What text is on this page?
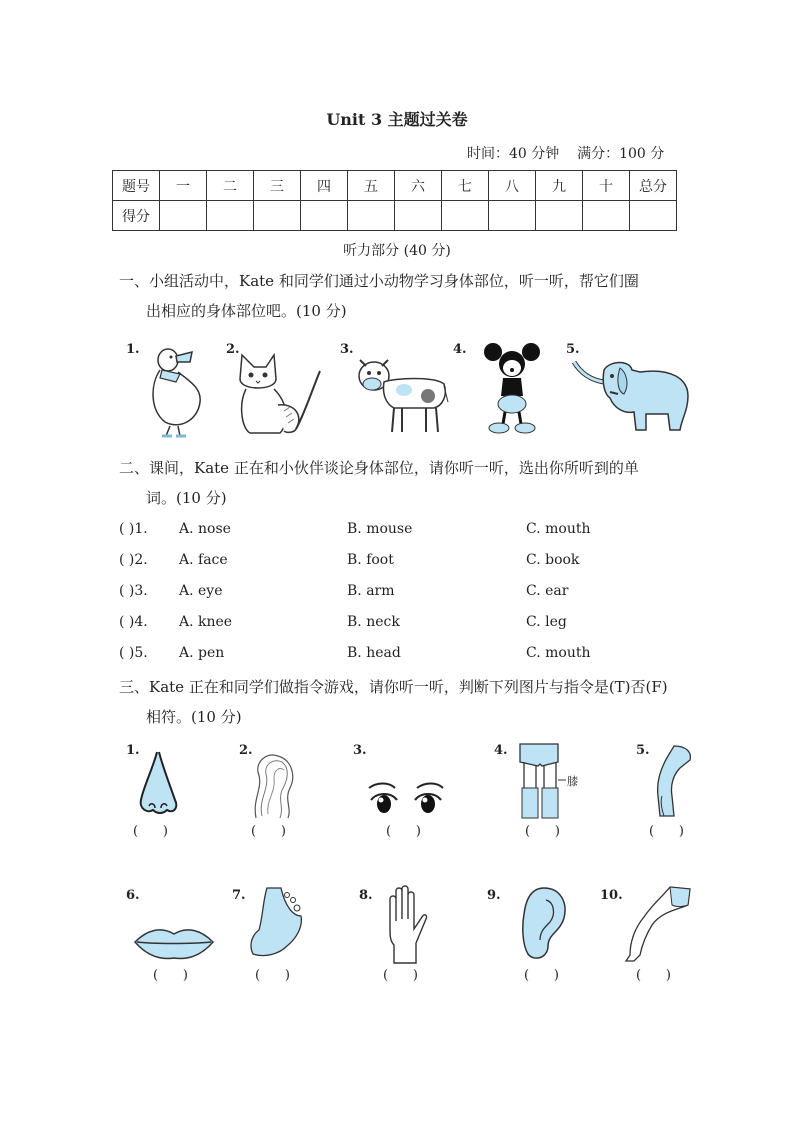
Unit 3 主题过关卷
时间：40 分钟    满分：100 分
题号	一	二	三	四	五	六	七	八	九	十	总分
得分											
听力部分 (40 分)
一、小组活动中，Kate 和同学们通过小动物学习身体部位，听一听，帮它们圈
出相应的身体部位吧。(10 分)
1.	2.	3.	4.	5.
二、课间，Kate 正在和小伙伴谈论身体部位，请你听一听，选出你所听到的单
词。(10 分)
( )1. A. nose	B. mouse	C. mouth
( )2. A. face	B. foot	C. book
( )3. A. eye	B. arm	C. ear
( )4. A. knee	B. neck	C. leg
( )5. A. pen	B. head	C. mouth
三、Kate 正在和同学们做指令游戏，请你听一听，判断下列图片与指令是(T)否(F)
相符。(10 分)
1.	2.	3.	4.	5.
膝
(      )	(      )	(      )	(      )	(      )
6.	7.	8.	9.	10.
(      )	(      )	(      )	(      )	(      )
